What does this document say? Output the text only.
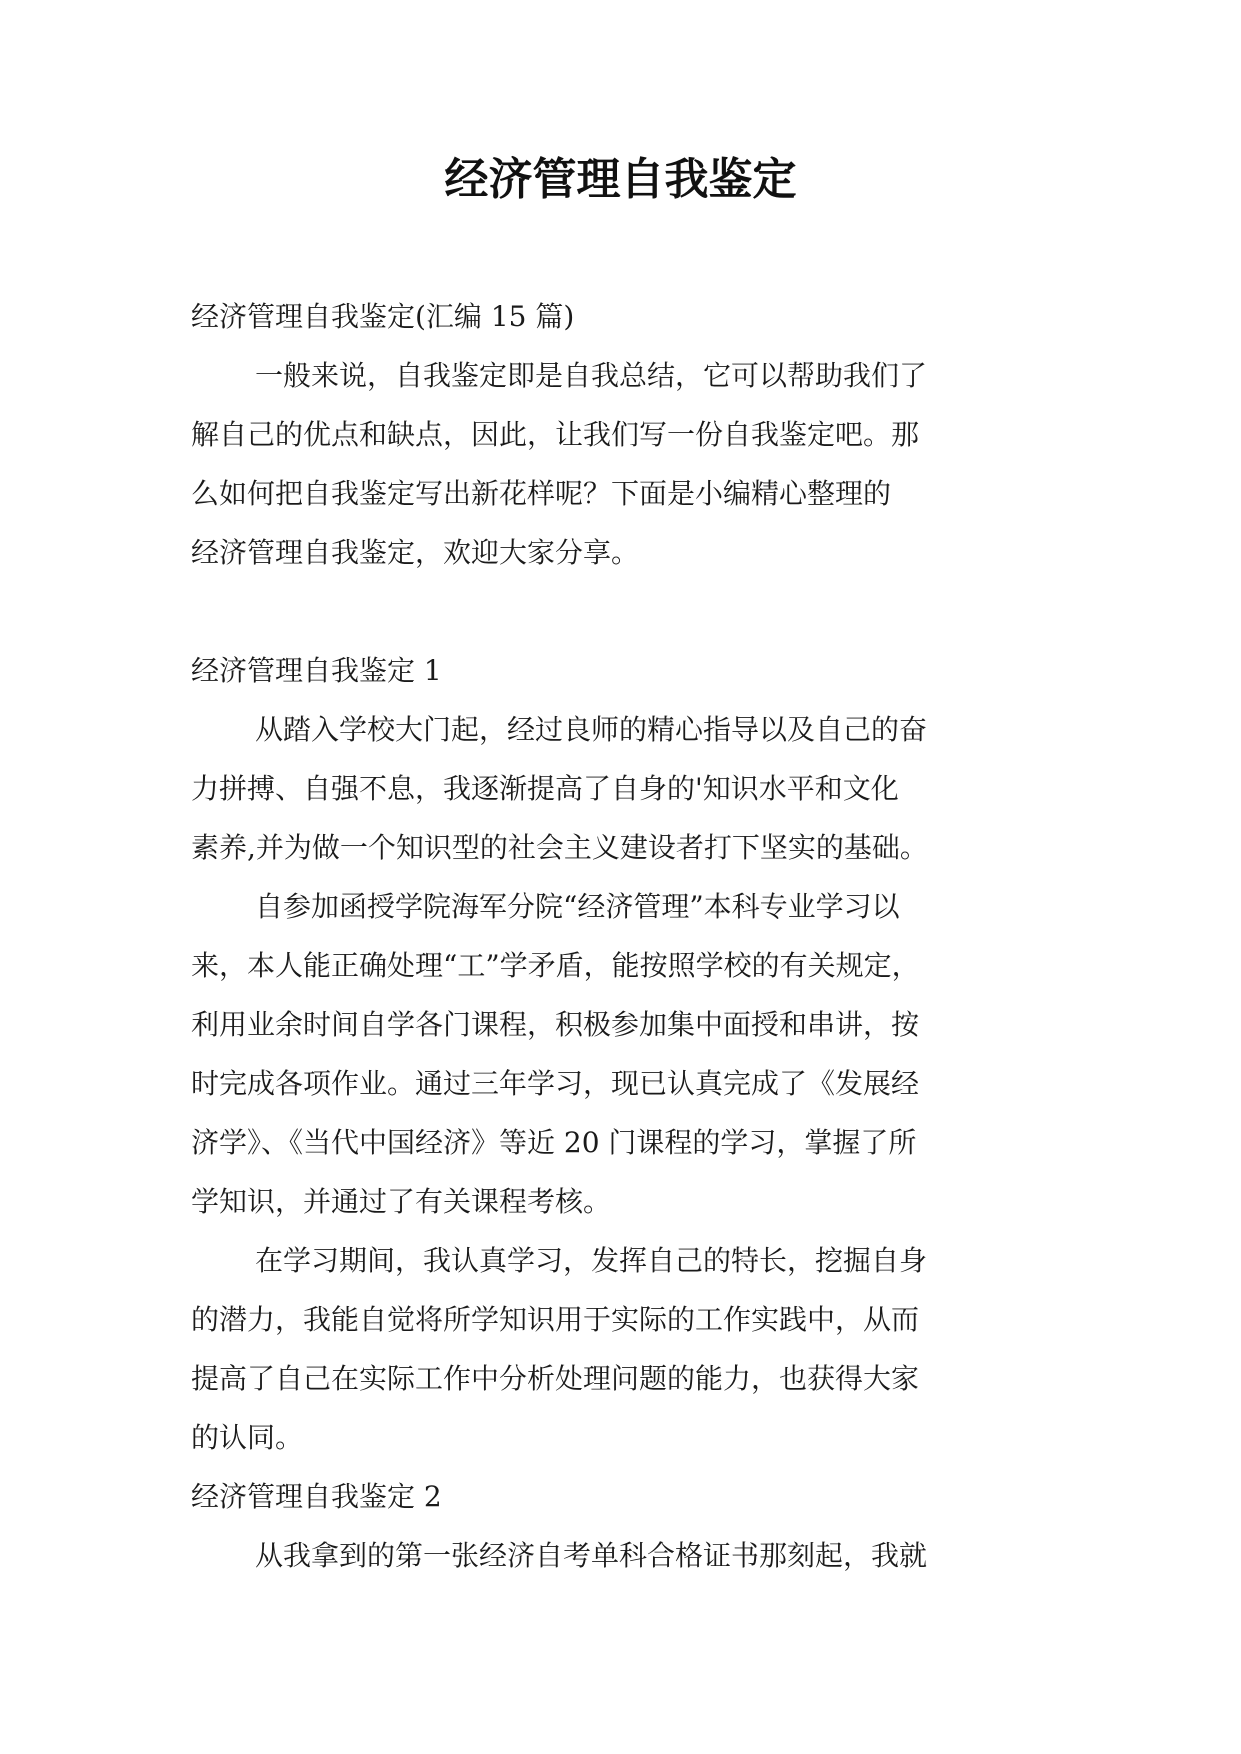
经济管理自我鉴定
经济管理自我鉴定(汇编 15 篇)
一般来说，自我鉴定即是自我总结，它可以帮助我们了
解自己的优点和缺点，因此，让我们写一份自我鉴定吧。那
么如何把自我鉴定写出新花样呢？下面是小编精心整理的
经济管理自我鉴定，欢迎大家分享。
经济管理自我鉴定 1
从踏入学校大门起，经过良师的精心指导以及自己的奋
力拼搏、自强不息，我逐渐提高了自身的'知识水平和文化
素养,并为做一个知识型的社会主义建设者打下坚实的基础。
自参加函授学院海军分院“经济管理”本科专业学习以
来，本人能正确处理“工”学矛盾，能按照学校的有关规定，
利用业余时间自学各门课程，积极参加集中面授和串讲，按
时完成各项作业。通过三年学习，现已认真完成了《发展经
济学》、《当代中国经济》等近 20 门课程的学习，掌握了所
学知识，并通过了有关课程考核。
在学习期间，我认真学习，发挥自己的特长，挖掘自身
的潜力，我能自觉将所学知识用于实际的工作实践中，从而
提高了自己在实际工作中分析处理问题的能力，也获得大家
的认同。
经济管理自我鉴定 2
从我拿到的第一张经济自考单科合格证书那刻起，我就
